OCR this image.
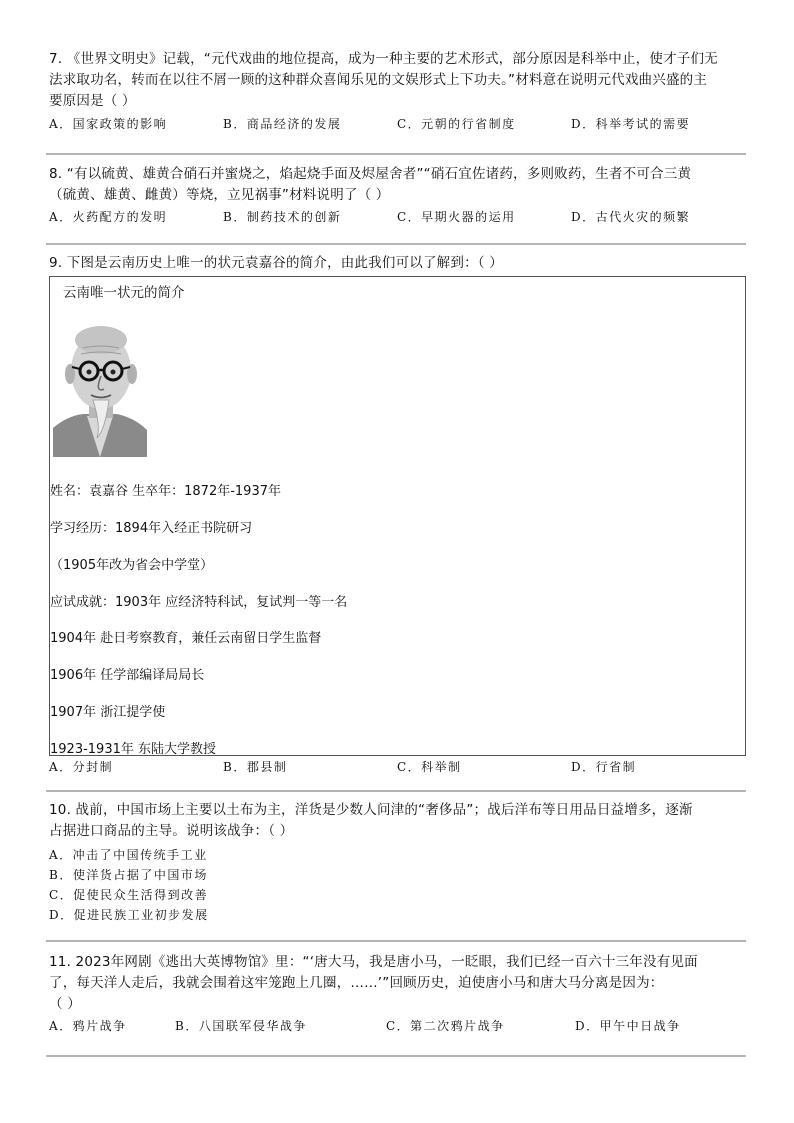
7. 《世界文明史》记载，“元代戏曲的地位提高，成为一种主要的艺术形式，部分原因是科举中止，使才子们无
法求取功名，转而在以往不屑一顾的这种群众喜闻乐见的文娱形式上下功夫。”材料意在说明元代戏曲兴盛的主
要原因是（ ）
A．国家政策的影响	B．商品经济的发展	C．元朝的行省制度	D．科举考试的需要
8. “有以硫黄、雄黄合硝石并蜜烧之，焰起烧手面及烬屋舍者”“硝石宜佐诸药，多则败药，生者不可合三黄
（硫黄、雄黄、雌黄）等烧，立见祸事”材料说明了（ ）
A．火药配方的发明	B．制药技术的创新	C．早期火器的运用	D．古代火灾的频繁
9. 下图是云南历史上唯一的状元袁嘉谷的简介，由此我们可以了解到：（ ）
云南唯一状元的简介
姓名：袁嘉谷 生卒年：1872年-1937年
学习经历：1894年入经正书院研习
（1905年改为省会中学堂）
应试成就：1903年 应经济特科试，复试判一等一名
1904年 赴日考察教育，兼任云南留日学生监督
1906年 任学部编译局局长
1907年 浙江提学使
1923-1931年 东陆大学教授
A．分封制	B．郡县制	C．科举制	D．行省制
10. 战前，中国市场上主要以土布为主，洋货是少数人问津的“奢侈品”；战后洋布等日用品日益增多，逐渐
占据进口商品的主导。说明该战争：（ ）
A．冲击了中国传统手工业
B．使洋货占据了中国市场
C．促使民众生活得到改善
D．促进民族工业初步发展
11. 2023年网剧《逃出大英博物馆》里：“‘唐大马，我是唐小马，一眨眼，我们已经一百六十三年没有见面
了，每天洋人走后，我就会围着这牢笼跑上几圈，……’”回顾历史，迫使唐小马和唐大马分离是因为：
（ ）
A．鸦片战争	B．八国联军侵华战争	C．第二次鸦片战争	D．甲午中日战争
